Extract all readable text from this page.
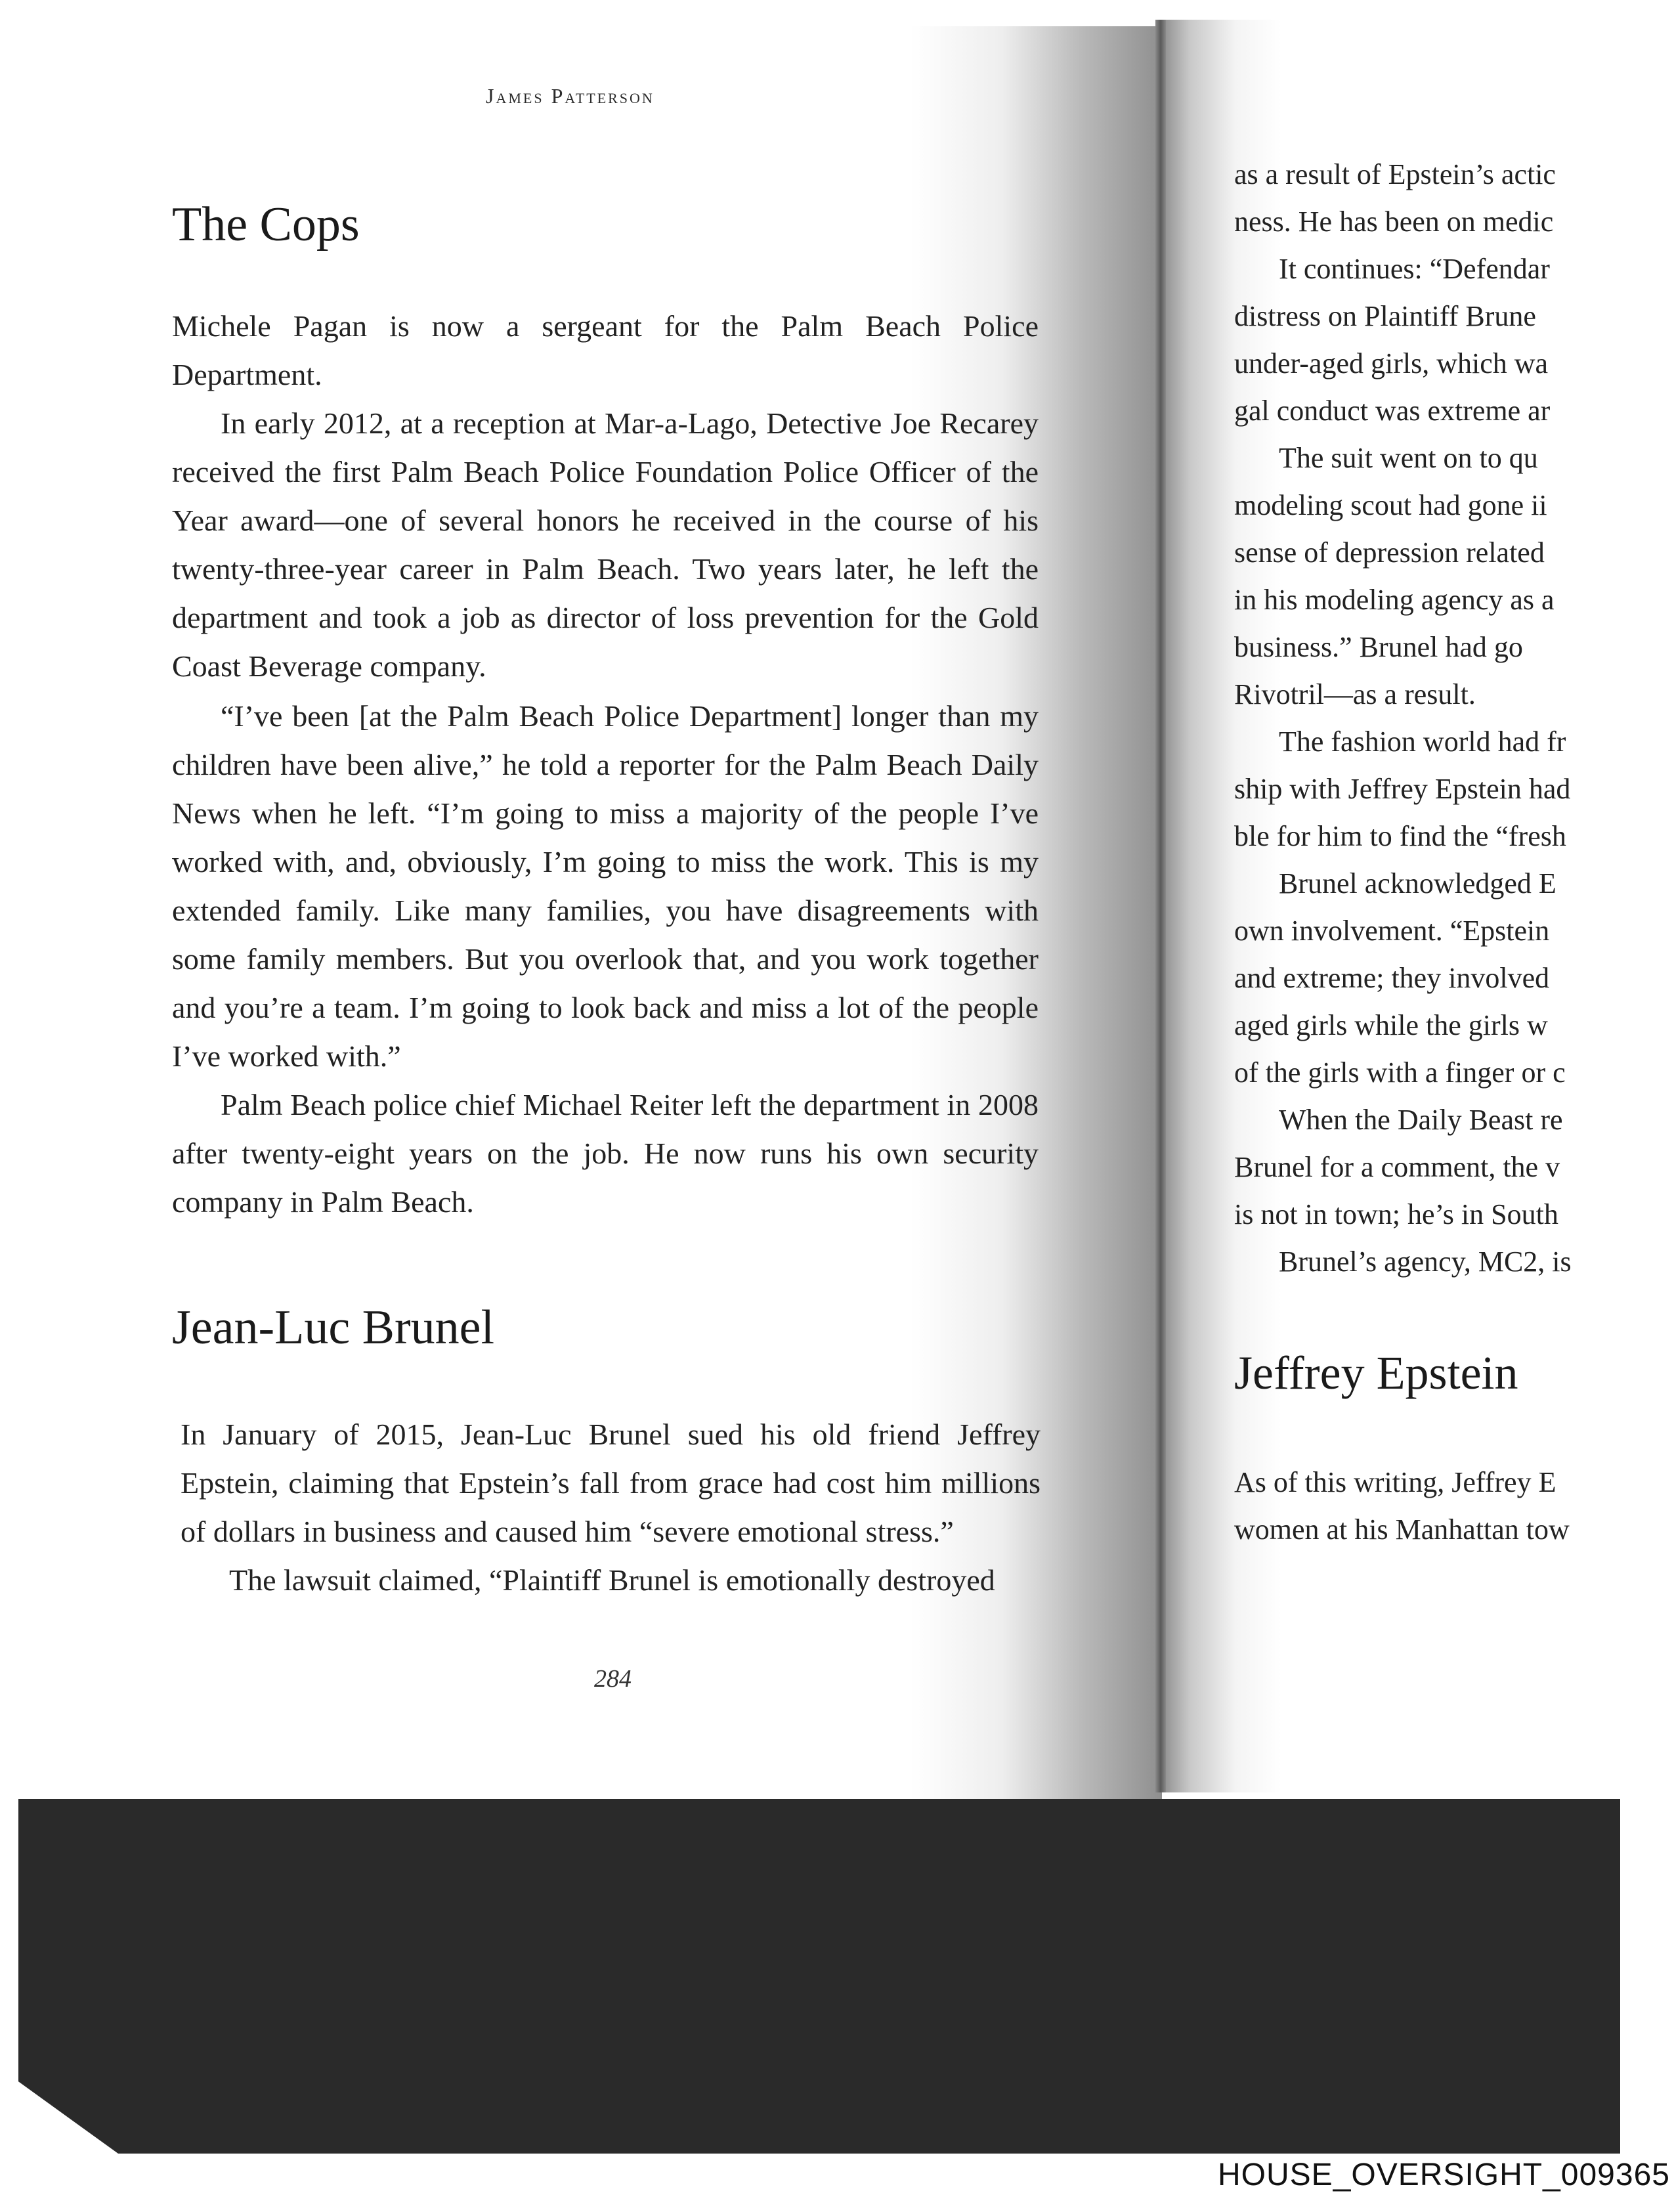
James Patterson
The Cops
Michele Pagan is now a sergeant for the Palm Beach Police Department.
In early 2012, at a reception at Mar-a-Lago, Detective Joe Recarey received the first Palm Beach Police Foundation Police Officer of the Year award—one of several honors he received in the course of his twenty-three-year career in Palm Beach. Two years later, he left the department and took a job as director of loss prevention for the Gold Coast Beverage company.
“I’ve been [at the Palm Beach Police Department] longer than my children have been alive,” he told a reporter for the Palm Beach Daily News when he left. “I’m going to miss a majority of the people I’ve worked with, and, obviously, I’m going to miss the work. This is my extended family. Like many families, you have disagreements with some family members. But you overlook that, and you work together and you’re a team. I’m going to look back and miss a lot of the people I’ve worked with.”
Palm Beach police chief Michael Reiter left the department in 2008 after twenty-eight years on the job. He now runs his own security company in Palm Beach.
Jean-Luc Brunel
In January of 2015, Jean-Luc Brunel sued his old friend Jeffrey Epstein, claiming that Epstein’s fall from grace had cost him millions of dollars in business and caused him “severe emotional stress.”
The lawsuit claimed, “Plaintiff Brunel is emotionally destroyed
284
as a result of Epstein’s actic
ness. He has been on medic
It continues: “Defendar
distress on Plaintiff Brune
under-aged girls, which wa
gal conduct was extreme ar
The suit went on to qu
modeling scout had gone ii
sense of depression related
in his modeling agency as a
business.” Brunel had go
Rivotril—as a result.
The fashion world had fr
ship with Jeffrey Epstein had
ble for him to find the “fresh
Brunel acknowledged E
own involvement. “Epstein
and extreme; they involved
aged girls while the girls w
of the girls with a finger or c
When the Daily Beast re
Brunel for a comment, the v
is not in town; he’s in South
Brunel’s agency, MC2, is
Jeffrey Epstein
As of this writing, Jeffrey E
women at his Manhattan tow
HOUSE_OVERSIGHT_009365
